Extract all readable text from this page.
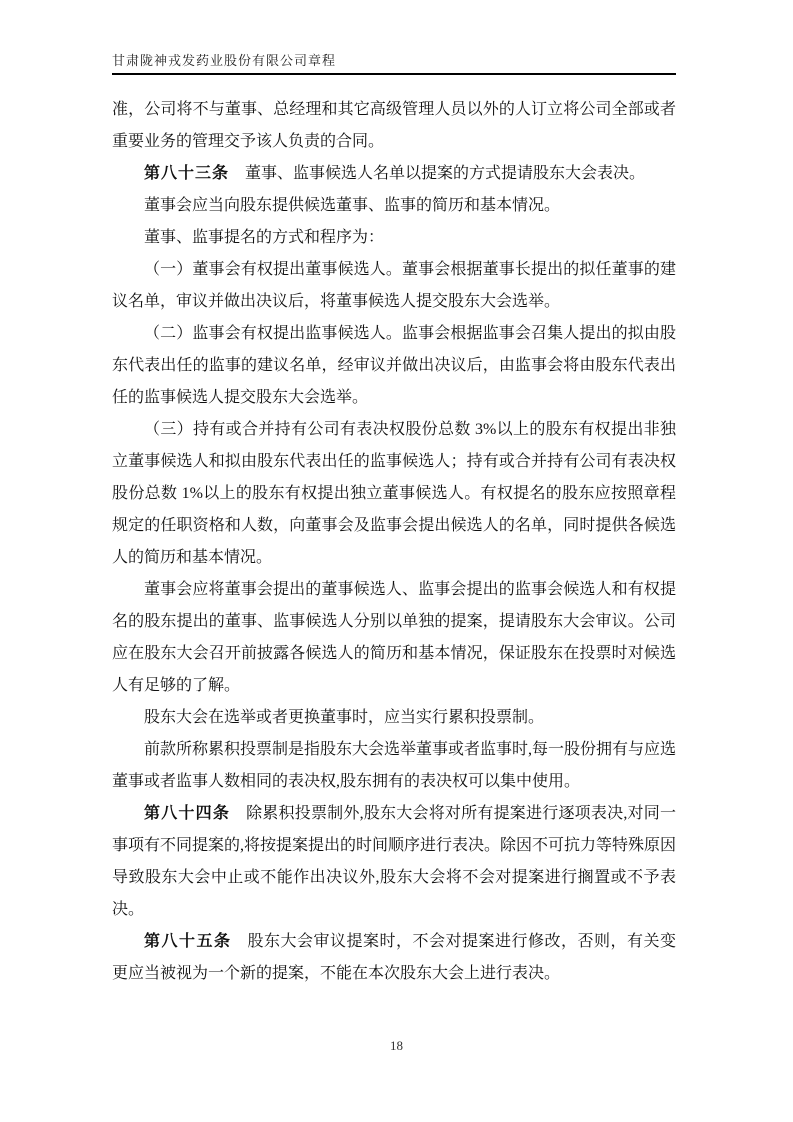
甘肃陇神戎发药业股份有限公司章程

准，公司将不与董事、总经理和其它高级管理人员以外的人订立将公司全部或者重要业务的管理交予该人负责的合同。

第八十三条 董事、监事候选人名单以提案的方式提请股东大会表决。

董事会应当向股东提供候选董事、监事的简历和基本情况。

董事、监事提名的方式和程序为：

（一）董事会有权提出董事候选人。董事会根据董事长提出的拟任董事的建议名单，审议并做出决议后，将董事候选人提交股东大会选举。

（二）监事会有权提出监事候选人。监事会根据监事会召集人提出的拟由股东代表出任的监事的建议名单，经审议并做出决议后，由监事会将由股东代表出任的监事候选人提交股东大会选举。

（三）持有或合并持有公司有表决权股份总数 3%以上的股东有权提出非独立董事候选人和拟由股东代表出任的监事候选人；持有或合并持有公司有表决权股份总数 1%以上的股东有权提出独立董事候选人。有权提名的股东应按照章程规定的任职资格和人数，向董事会及监事会提出候选人的名单，同时提供各候选人的简历和基本情况。

董事会应将董事会提出的董事候选人、监事会提出的监事会候选人和有权提名的股东提出的董事、监事候选人分别以单独的提案，提请股东大会审议。公司应在股东大会召开前披露各候选人的简历和基本情况，保证股东在投票时对候选人有足够的了解。

股东大会在选举或者更换董事时，应当实行累积投票制。

前款所称累积投票制是指股东大会选举董事或者监事时,每一股份拥有与应选董事或者监事人数相同的表决权,股东拥有的表决权可以集中使用。

第八十四条 除累积投票制外,股东大会将对所有提案进行逐项表决,对同一事项有不同提案的,将按提案提出的时间顺序进行表决。除因不可抗力等特殊原因导致股东大会中止或不能作出决议外,股东大会将不会对提案进行搁置或不予表决。

第八十五条 股东大会审议提案时，不会对提案进行修改，否则，有关变更应当被视为一个新的提案，不能在本次股东大会上进行表决。

18
